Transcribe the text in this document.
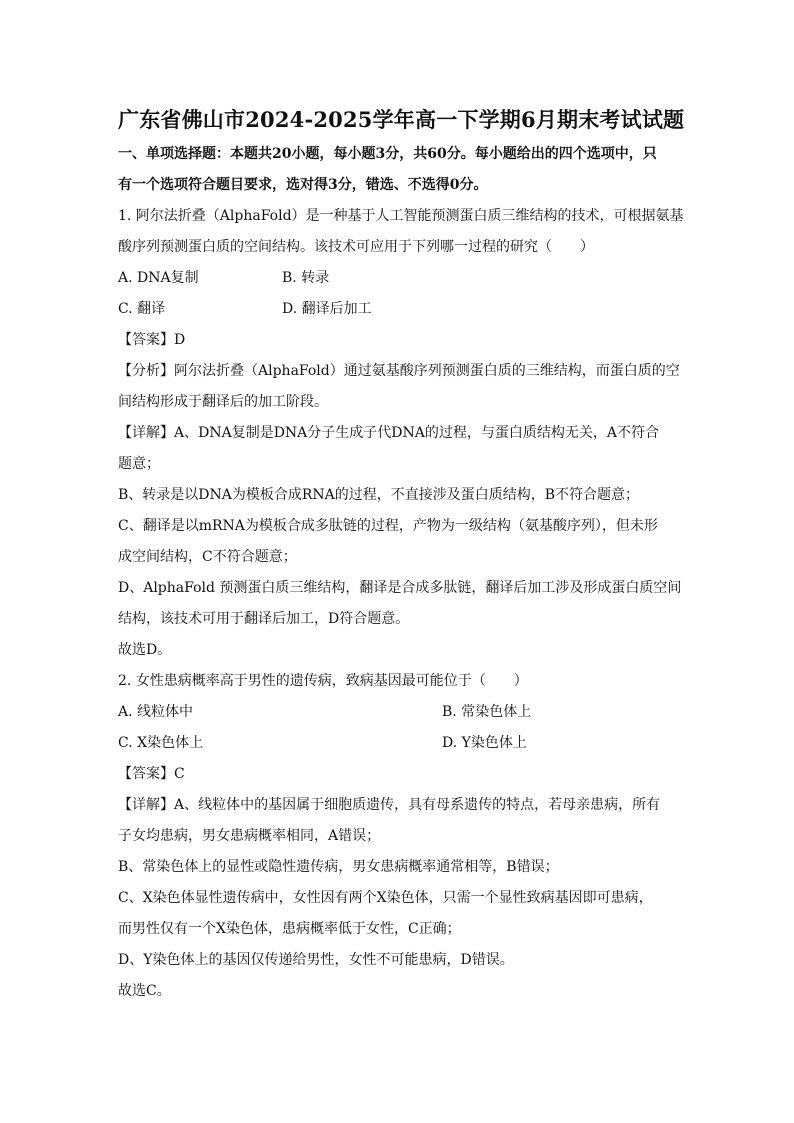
广东省佛山市2024-2025学年高一下学期6月期末考试试题
一、单项选择题：本题共20小题，每小题3分，共60分。每小题给出的四个选项中，只
有一个选项符合题目要求，选对得3分，错选、不选得0分。
1. 阿尔法折叠（AlphaFold）是一种基于人工智能预测蛋白质三维结构的技术，可根据氨基
酸序列预测蛋白质的空间结构。该技术可应用于下列哪一过程的研究（　　）
A. DNA复制	B. 转录
C. 翻译	D. 翻译后加工
【答案】D
【分析】阿尔法折叠（AlphaFold）通过氨基酸序列预测蛋白质的三维结构，而蛋白质的空
间结构形成于翻译后的加工阶段。
【详解】A、DNA复制是DNA分子生成子代DNA的过程，与蛋白质结构无关，A不符合
题意；
B、转录是以DNA为模板合成RNA的过程，不直接涉及蛋白质结构，B不符合题意；
C、翻译是以mRNA为模板合成多肽链的过程，产物为一级结构（氨基酸序列），但未形
成空间结构，C不符合题意；
D、AlphaFold 预测蛋白质三维结构，翻译是合成多肽链，翻译后加工涉及形成蛋白质空间
结构，该技术可用于翻译后加工，D符合题意。
故选D。
2. 女性患病概率高于男性的遗传病，致病基因最可能位于（　　）
A. 线粒体中	B. 常染色体上
C. X染色体上	D. Y染色体上
【答案】C
【详解】A、线粒体中的基因属于细胞质遗传，具有母系遗传的特点，若母亲患病，所有
子女均患病，男女患病概率相同，A错误；
B、常染色体上的显性或隐性遗传病，男女患病概率通常相等，B错误；
C、X染色体显性遗传病中，女性因有两个X染色体，只需一个显性致病基因即可患病，
而男性仅有一个X染色体，患病概率低于女性，C正确；
D、Y染色体上的基因仅传递给男性，女性不可能患病，D错误。
故选C。
